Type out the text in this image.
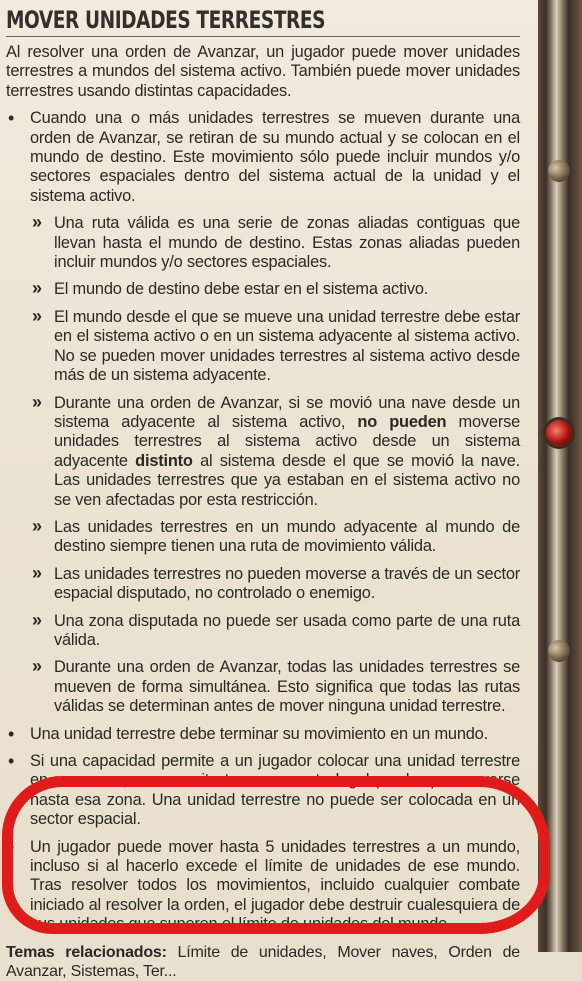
MOVER UNIDADES TERRESTRES

Al resolver una orden de Avanzar, un jugador puede mover unidades terrestres a mundos del sistema activo. También puede mover unidades terrestres usando distintas capacidades.

• Cuando una o más unidades terrestres se mueven durante una orden de Avanzar, se retiran de su mundo actual y se colocan en el mundo de destino. Este movimiento sólo puede incluir mundos y/o sectores espaciales dentro del sistema actual de la unidad y el sistema activo.
» Una ruta válida es una serie de zonas aliadas contiguas que llevan hasta el mundo de destino. Estas zonas aliadas pueden incluir mundos y/o sectores espaciales.
» El mundo de destino debe estar en el sistema activo.
» El mundo desde el que se mueve una unidad terrestre debe estar en el sistema activo o en un sistema adyacente al sistema activo. No se pueden mover unidades terrestres al sistema activo desde más de un sistema adyacente.
» Durante una orden de Avanzar, si se movió una nave desde un sistema adyacente al sistema activo, no pueden moverse unidades terrestres al sistema activo desde un sistema adyacente distinto al sistema desde el que se movió la nave. Las unidades terrestres que ya estaban en el sistema activo no se ven afectadas por esta restricción.
» Las unidades terrestres en un mundo adyacente al mundo de destino siempre tienen una ruta de movimiento válida.
» Las unidades terrestres no pueden moverse a través de un sector espacial disputado, no controlado o enemigo.
» Una zona disputada no puede ser usada como parte de una ruta válida.
» Durante una orden de Avanzar, todas las unidades terrestres se mueven de forma simultánea. Esto significa que todas las rutas válidas se determinan antes de mover ninguna unidad terrestre.
• Una unidad terrestre debe terminar su movimiento en un mundo.
• Si una capacidad permite a un jugador colocar una unidad terrestre en una zona, no necesita tener una ruta legal por la que moverse hasta esa zona. Una unidad terrestre no puede ser colocada en un sector espacial.
• Un jugador puede mover hasta 5 unidades terrestres a un mundo, incluso si al hacerlo excede el límite de unidades de ese mundo. Tras resolver todos los movimientos, incluido cualquier combate iniciado al resolver la orden, el jugador debe destruir cualesquiera de sus unidades que superen el límite de unidades del mundo.

Temas relacionados: Límite de unidades, Mover naves, Orden de Avanzar, Sistemas, Ter...
